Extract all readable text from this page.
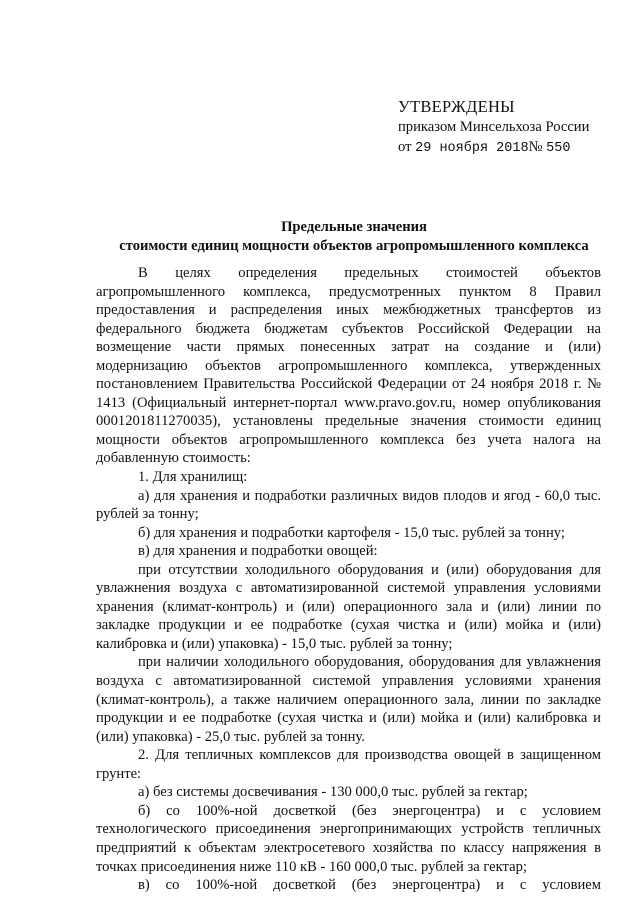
УТВЕРЖДЕНЫ
приказом Минсельхоза России
от 29 ноября 2018№ 550
Предельные значения
стоимости единиц мощности объектов агропромышленного комплекса

В целях определения предельных стоимостей объектов агропромышленного комплекса, предусмотренных пунктом 8 Правил предоставления и распределения иных межбюджетных трансфертов из федерального бюджета бюджетам субъектов Российской Федерации на возмещение части прямых понесенных затрат на создание и (или) модернизацию объектов агропромышленного комплекса, утвержденных постановлением Правительства Российской Федерации от 24 ноября 2018 г. № 1413 (Официальный интернет-портал www.pravo.gov.ru, номер опубликования 0001201811270035), установлены предельные значения стоимости единиц мощности объектов агропромышленного комплекса без учета налога на добавленную стоимость:

1. Для хранилищ:

а) для хранения и подработки различных видов плодов и ягод - 60,0 тыс. рублей за тонну;

б) для хранения и подработки картофеля - 15,0 тыс. рублей за тонну;

в) для хранения и подработки овощей:

при отсутствии холодильного оборудования и (или) оборудования для увлажнения воздуха с автоматизированной системой управления условиями хранения (климат-контроль) и (или) операционного зала и (или) линии по закладке продукции и ее подработке (сухая чистка и (или) мойка и (или) калибровка и (или) упаковка) - 15,0 тыс. рублей за тонну;

при наличии холодильного оборудования, оборудования для увлажнения воздуха с автоматизированной системой управления условиями хранения (климат-контроль), а также наличием операционного зала, линии по закладке продукции и ее подработке (сухая чистка и (или) мойка и (или) калибровка и (или) упаковка) - 25,0 тыс. рублей за тонну.

2. Для тепличных комплексов для производства овощей в защищенном грунте:

а) без системы досвечивания - 130 000,0 тыс. рублей за гектар;

б) со 100%-ной досветкой (без энергоцентра) и с условием технологического присоединения энергопринимающих устройств тепличных предприятий к объектам электросетевого хозяйства по классу напряжения в точках присоединения ниже 110 кВ - 160 000,0 тыс. рублей за гектар;

в) со 100%-ной досветкой (без энергоцентра) и с условием
